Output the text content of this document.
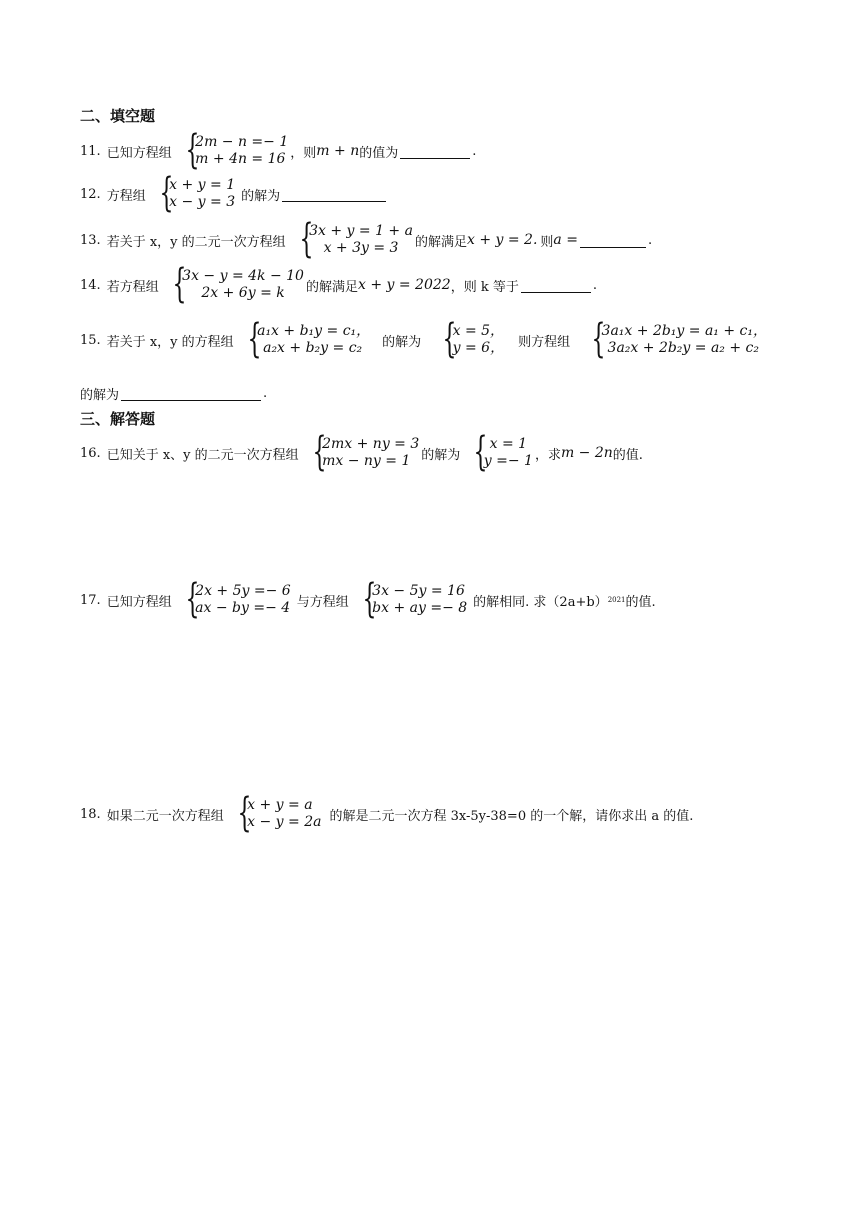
二、填空题
11. 已知方程组 {
2m − n =− 1
m + 4n = 16 ，则 m + n 的值为	.
12. 方程组 {
x + y = 1
x − y = 3 的解为
13. 若关于 x，y 的二元一次方程组 {
3x + y = 1 + a
x + 3y = 3	的解满足 x + y = 2. 则 a =	.
14. 若方程组 {
3x − y = 4k − 10
2x + 6y = k	的解满足 x + y = 2022 ，则 k 等于	.
15. 若关于 x，y 的方程组 {
a₁x + b₁y = c₁，
a₂x + b₂y = c₂	的解为 {
x = 5，
y = 6， 则方程组 {
3a₁x + 2b₁y = a₁ + c₁，
3a₂x + 2b₂y = a₂ + c₂
的解为	.
三、解答题
16. 已知关于 x、y 的二元一次方程组 {
2mx + ny = 3
mx − ny = 1 的解为 { x = 1
y =− 1 ，求 m − 2n 的值.
17. 已知方程组 {
2x + 5y =− 6
ax − by =− 4 与方程组 {
3x − 5y = 16
bx + ay =− 8 的解相同. 求（2a+b） 2021 的值.
18. 如果二元一次方程组 {
x + y = a
x − y = 2a 的解是二元一次方程 3x-5y-38=0 的一个解，请你求出 a 的值.
